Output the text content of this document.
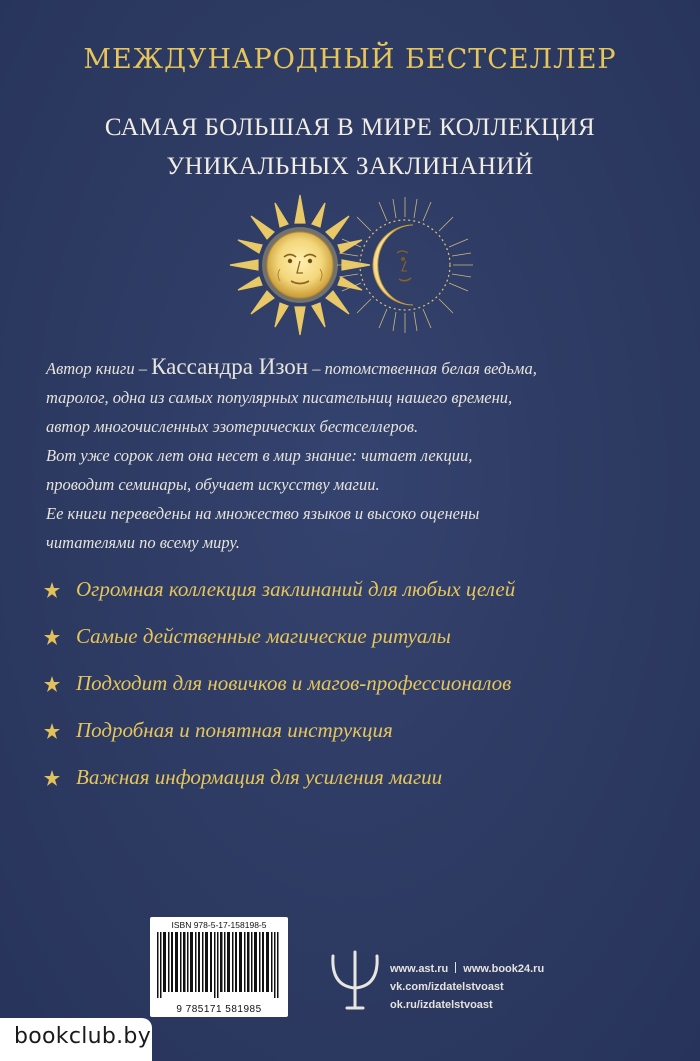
МЕЖДУНАРОДНЫЙ БЕСТСЕЛЛЕР
САМАЯ БОЛЬШАЯ В МИРЕ КОЛЛЕКЦИЯ
УНИКАЛЬНЫХ ЗАКЛИНАНИЙ

Автор книги – Кассандра Изон – потомственная белая ведьма,

таролог, одна из самых популярных писательниц нашего времени,

автор многочисленных эзотерических бестселлеров.

Вот уже сорок лет она несет в мир знание: читает лекции,

проводит семинары, обучает искусству магии.

Ее книги переведены на множество языков и высоко оценены

читателями по всему миру.

Огромная коллекция заклинаний для любых целей
Самые действенные магические ритуалы
Подходит для новичков и магов-профессионалов
Подробная и понятная инструкция
Важная информация для усиления магии
ISBN 978-5-17-158198-5
9 785171 581985
www.ast.ru www.book24.ru
vk.com/izdatelstvoast
ok.ru/izdatelstvoast
bookclub.by
